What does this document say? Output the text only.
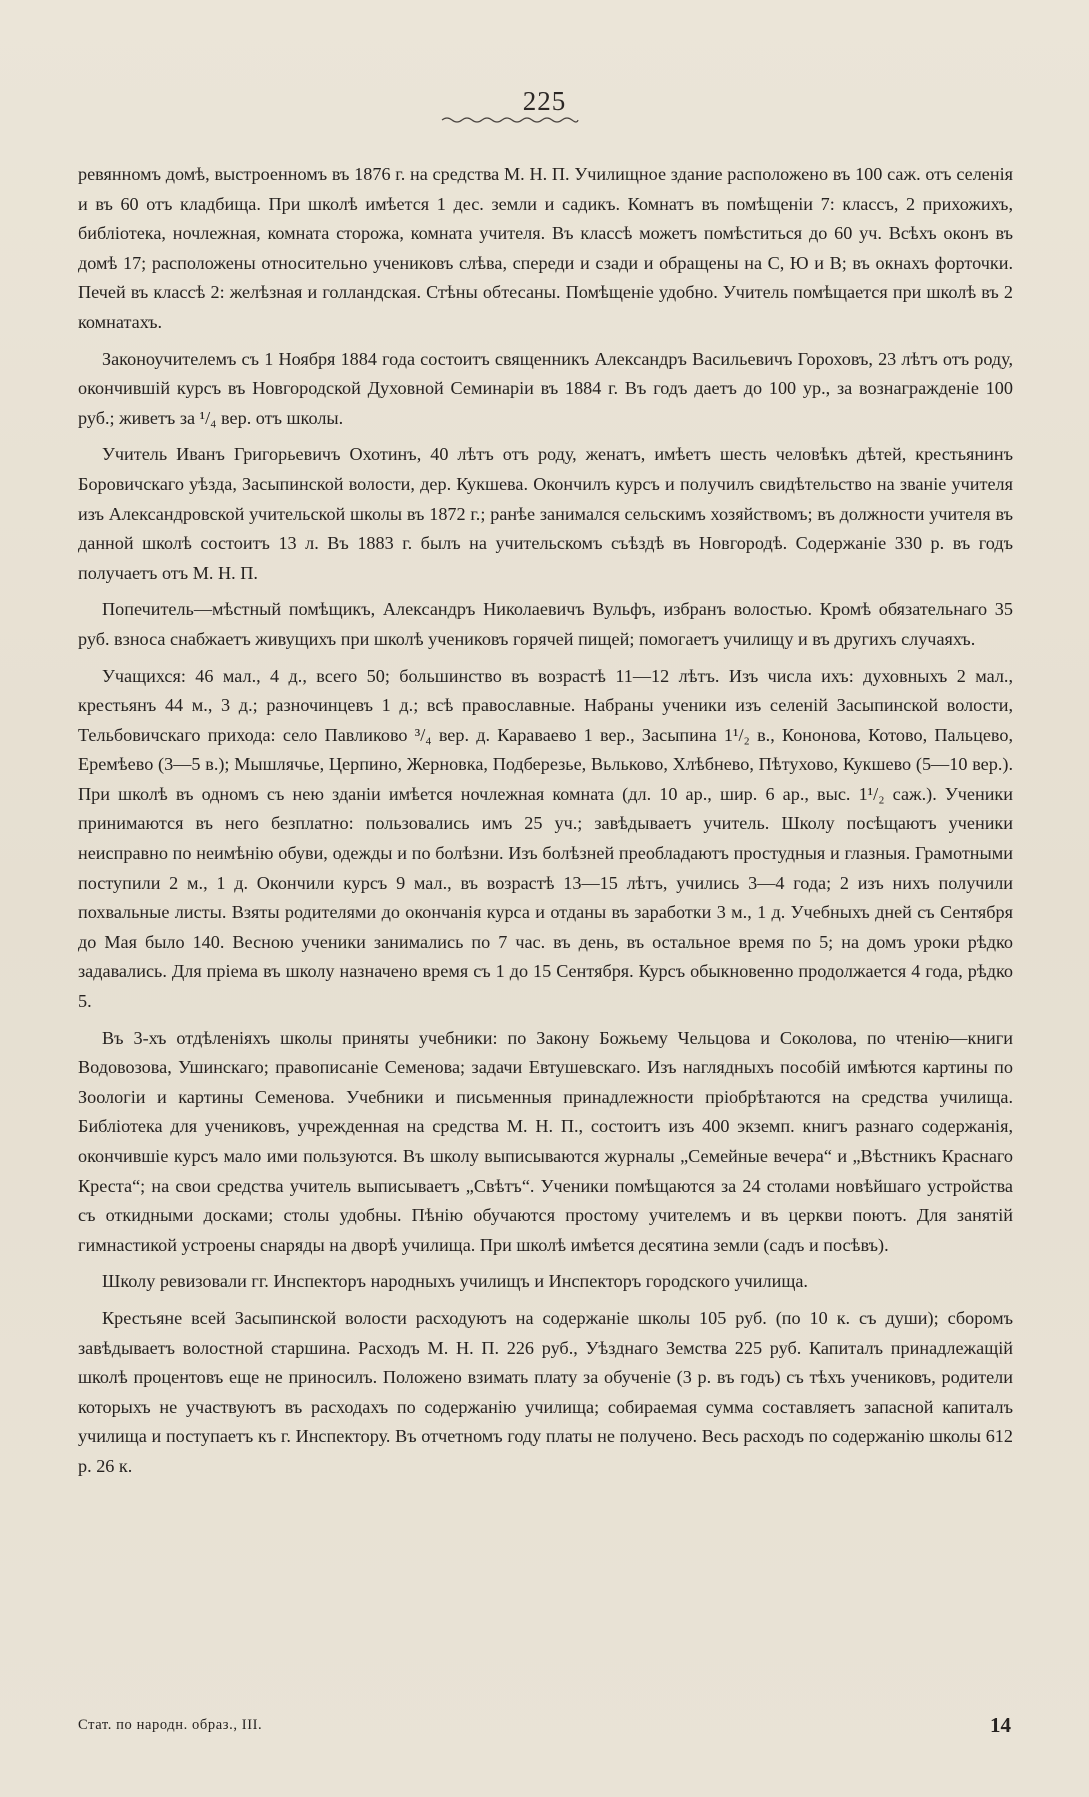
225

ревянномъ домѣ, выстроенномъ въ 1876 г. на средства М. Н. П. Училищное здание расположено въ 100 саж. отъ селенія и въ 60 отъ кладбища. При школѣ имѣется 1 дес. земли и садикъ. Комнатъ въ помѣщеніи 7: классъ, 2 прихожихъ, библіотека, ночлежная, комната сторожа, комната учителя. Въ классѣ можетъ помѣститься до 60 уч. Всѣхъ оконъ въ домѣ 17; расположены относительно учениковъ слѣва, спереди и сзади и обращены на С, Ю и В; въ окнахъ форточки. Печей въ классѣ 2: желѣзная и голландская. Стѣны обтесаны. Помѣщеніе удобно. Учитель помѣщается при школѣ въ 2 комнатахъ.

Законоучителемъ съ 1 Ноября 1884 года состоитъ священникъ Александръ Васильевичъ Гороховъ, 23 лѣтъ отъ роду, окончившій курсъ въ Новгородской Духовной Семинаріи въ 1884 г. Въ годъ даетъ до 100 ур., за вознагражденіе 100 руб.; живетъ за ¹/₄ вер. отъ школы.

Учитель Иванъ Григорьевичъ Охотинъ, 40 лѣтъ отъ роду, женатъ, имѣетъ шесть человѣкъ дѣтей, крестьянинъ Боровичскаго уѣзда, Засыпинской волости, дер. Кукшева. Окончилъ курсъ и получилъ свидѣтельство на званіе учителя изъ Александровской учительской школы въ 1872 г.; ранѣе занимался сельскимъ хозяйствомъ; въ должности учителя въ данной школѣ состоитъ 13 л. Въ 1883 г. былъ на учительскомъ съѣздѣ въ Новгородѣ. Содержаніе 330 р. въ годъ получаетъ отъ М. Н. П.

Попечитель—мѣстный помѣщикъ, Александръ Николаевичъ Вульфъ, избранъ волостью. Кромѣ обязательнаго 35 руб. взноса снабжаетъ живущихъ при школѣ учениковъ горячей пищей; помогаетъ училищу и въ другихъ случаяхъ.

Учащихся: 46 мал., 4 д., всего 50; большинство въ возрастѣ 11—12 лѣтъ. Изъ числа ихъ: духовныхъ 2 мал., крестьянъ 44 м., 3 д.; разночинцевъ 1 д.; всѣ православные. Набраны ученики изъ селеній Засыпинской волости, Тельбовичскаго прихода: село Павликово ³/₄ вер. д. Караваево 1 вер., Засыпина 1¹/₂ в., Кононова, Котово, Пальцево, Еремѣево (3—5 в.); Мышлячье, Церпино, Жерновка, Подберезье, Вьльково, Хлѣбнево, Пѣтухово, Кукшево (5—10 вер.). При школѣ въ одномъ съ нею зданіи имѣется ночлежная комната (дл. 10 ар., шир. 6 ар., выс. 1¹/₂ саж.). Ученики принимаются въ него безплатно: пользовались имъ 25 уч.; завѣдываетъ учитель. Школу посѣщаютъ ученики неисправно по неимѣнію обуви, одежды и по болѣзни. Изъ болѣзней преобладаютъ простудныя и глазныя. Грамотными поступили 2 м., 1 д. Окончили курсъ 9 мал., въ возрастѣ 13—15 лѣтъ, учились 3—4 года; 2 изъ нихъ получили похвальные листы. Взяты родителями до окончанія курса и отданы въ заработки 3 м., 1 д. Учебныхъ дней съ Сентября до Мая было 140. Весною ученики занимались по 7 час. въ день, въ остальное время по 5; на домъ уроки рѣдко задавались. Для пріема въ школу назначено время съ 1 до 15 Сентября. Курсъ обыкновенно продолжается 4 года, рѣдко 5.

Въ 3-хъ отдѣленіяхъ школы приняты учебники: по Закону Божьему Чельцова и Соколова, по чтенію—книги Водовозова, Ушинскаго; правописаніе Семенова; задачи Евтушевскаго. Изъ наглядныхъ пособій имѣются картины по Зоологіи и картины Семенова. Учебники и письменныя принадлежности пріобрѣтаются на средства училища. Библіотека для учениковъ, учрежденная на средства М. Н. П., состоитъ изъ 400 экземп. книгъ разнаго содержанія, окончившіе курсъ мало ими пользуются. Въ школу выписываются журналы „Семейные вечера“ и „Вѣстникъ Краснаго Креста“; на свои средства учитель выписываетъ „Свѣтъ“. Ученики помѣщаются за 24 столами новѣйшаго устройства съ откидными досками; столы удобны. Пѣнію обучаются простому учителемъ и въ церкви поютъ. Для занятій гимнастикой устроены снаряды на дворѣ училища. При школѣ имѣется десятина земли (садъ и посѣвъ).

Школу ревизовали гг. Инспекторъ народныхъ училищъ и Инспекторъ городского училища.

Крестьяне всей Засыпинской волости расходуютъ на содержаніе школы 105 руб. (по 10 к. съ души); сборомъ завѣдываетъ волостной старшина. Расходъ М. Н. П. 226 руб., Уѣзднаго Земства 225 руб. Капиталъ принадлежащій школѣ процентовъ еще не приносилъ. Положено взимать плату за обученіе (3 р. въ годъ) съ тѣхъ учениковъ, родители которыхъ не участвуютъ въ расходахъ по содержанію училища; собираемая сумма составляетъ запасной капиталъ училища и поступаетъ къ г. Инспектору. Въ отчетномъ году платы не получено. Весь расходъ по содержанію школы 612 р. 26 к.

Стат. по народн. образ., III.	14
